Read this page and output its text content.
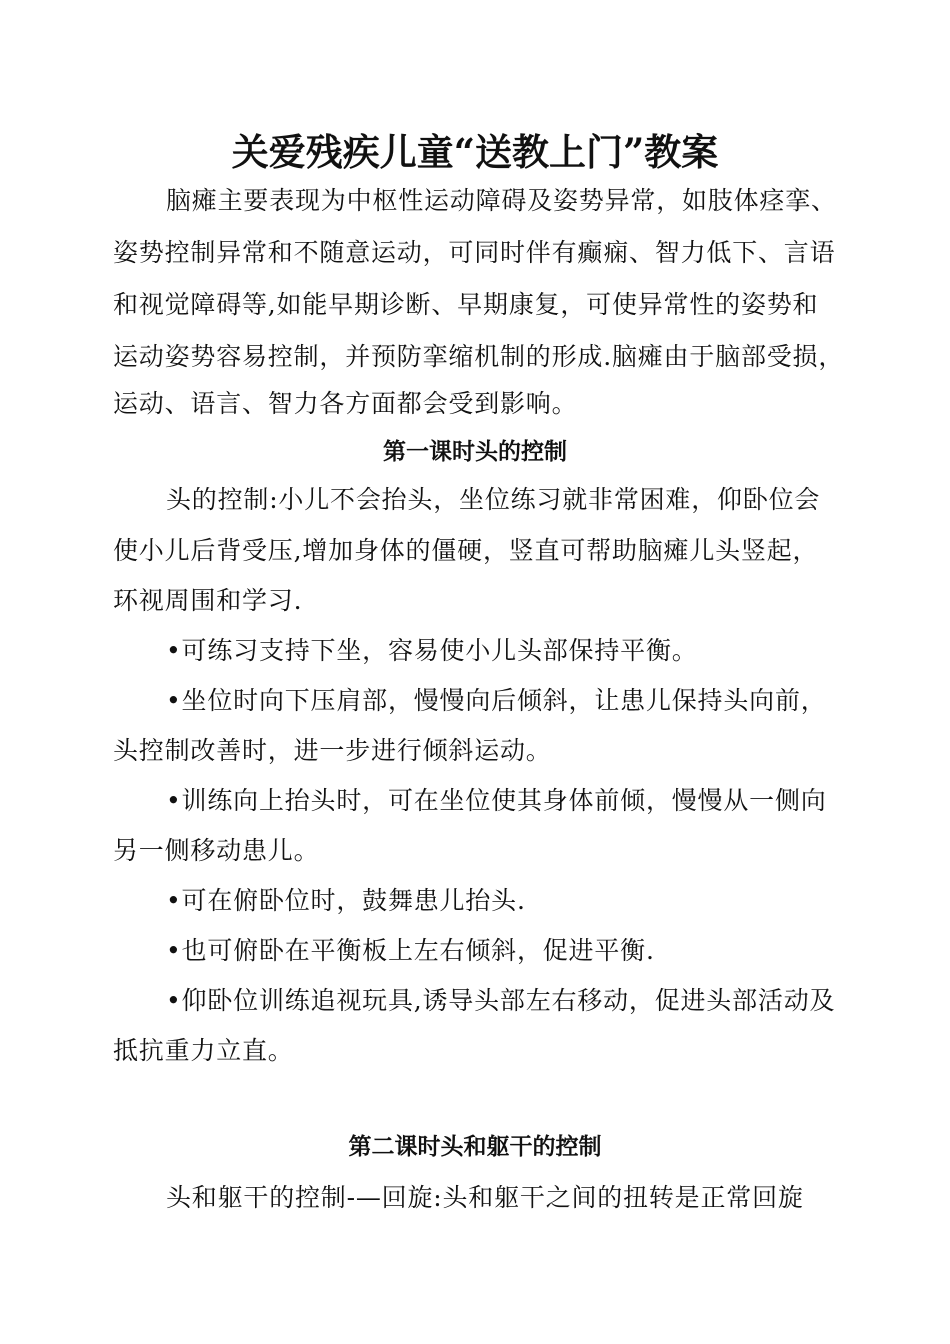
关爱残疾儿童“送教上门”教案
脑瘫主要表现为中枢性运动障碍及姿势异常，如肢体痉挛、
姿势控制异常和不随意运动，可同时伴有癫痫、智力低下、言语
和视觉障碍等,如能早期诊断、早期康复，可使异常性的姿势和
运动姿势容易控制，并预防挛缩机制的形成.脑瘫由于脑部受损，
运动、语言、智力各方面都会受到影响。
第一课时头的控制
头的控制:小儿不会抬头，坐位练习就非常困难，仰卧位会
使小儿后背受压,增加身体的僵硬，竖直可帮助脑瘫儿头竖起，
环视周围和学习.
•可练习支持下坐，容易使小儿头部保持平衡。
•坐位时向下压肩部，慢慢向后倾斜，让患儿保持头向前，
头控制改善时，进一步进行倾斜运动。
•训练向上抬头时，可在坐位使其身体前倾，慢慢从一侧向
另一侧移动患儿。
•可在俯卧位时，鼓舞患儿抬头.
•也可俯卧在平衡板上左右倾斜，促进平衡.
•仰卧位训练追视玩具,诱导头部左右移动，促进头部活动及
抵抗重力立直。
第二课时头和躯干的控制
头和躯干的控制-—回旋:头和躯干之间的扭转是正常回旋
